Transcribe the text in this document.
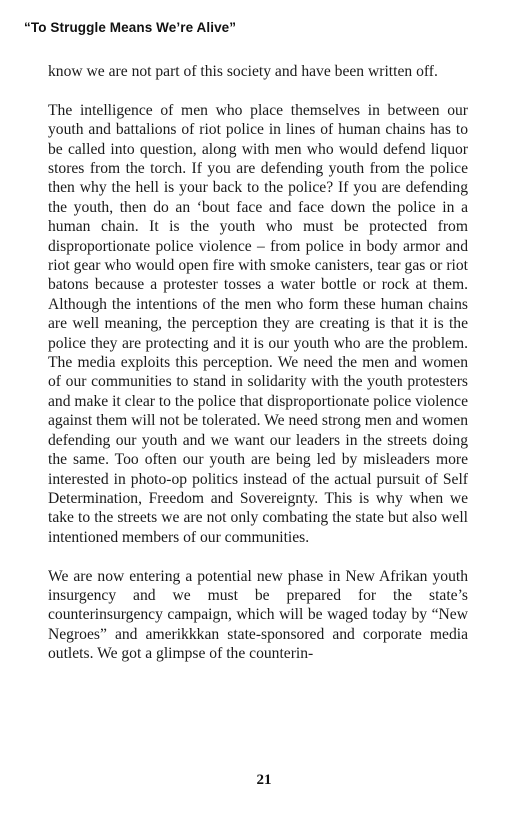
“To Struggle Means We’re Alive”

know we are not part of this society and have been written off.

The intelligence of men who place themselves in between our youth and battalions of riot police in lines of human chains has to be called into question, along with men who would defend liquor stores from the torch. If you are defending youth from the police then why the hell is your back to the police? If you are defending the youth, then do an ‘bout face and face down the police in a human chain. It is the youth who must be protected from disproportionate police violence – from police in body armor and riot gear who would open fire with smoke canisters, tear gas or riot batons because a protester tosses a water bottle or rock at them. Although the intentions of the men who form these human chains are well meaning, the perception they are creating is that it is the police they are protecting and it is our youth who are the problem. The media exploits this perception. We need the men and women of our communities to stand in solidarity with the youth protesters and make it clear to the police that disproportionate police violence against them will not be tolerated. We need strong men and women defending our youth and we want our leaders in the streets doing the same. Too often our youth are being led by misleaders more interested in photo-op politics instead of the actual pursuit of Self Determination, Freedom and Sovereignty. This is why when we take to the streets we are not only combating the state but also well intentioned members of our communities.

We are now entering a potential new phase in New Afrikan youth insurgency and we must be prepared for the state’s counterinsurgency campaign, which will be waged today by “New Negroes” and amerikkkan state-sponsored and corporate media outlets. We got a glimpse of the counterin-

21
